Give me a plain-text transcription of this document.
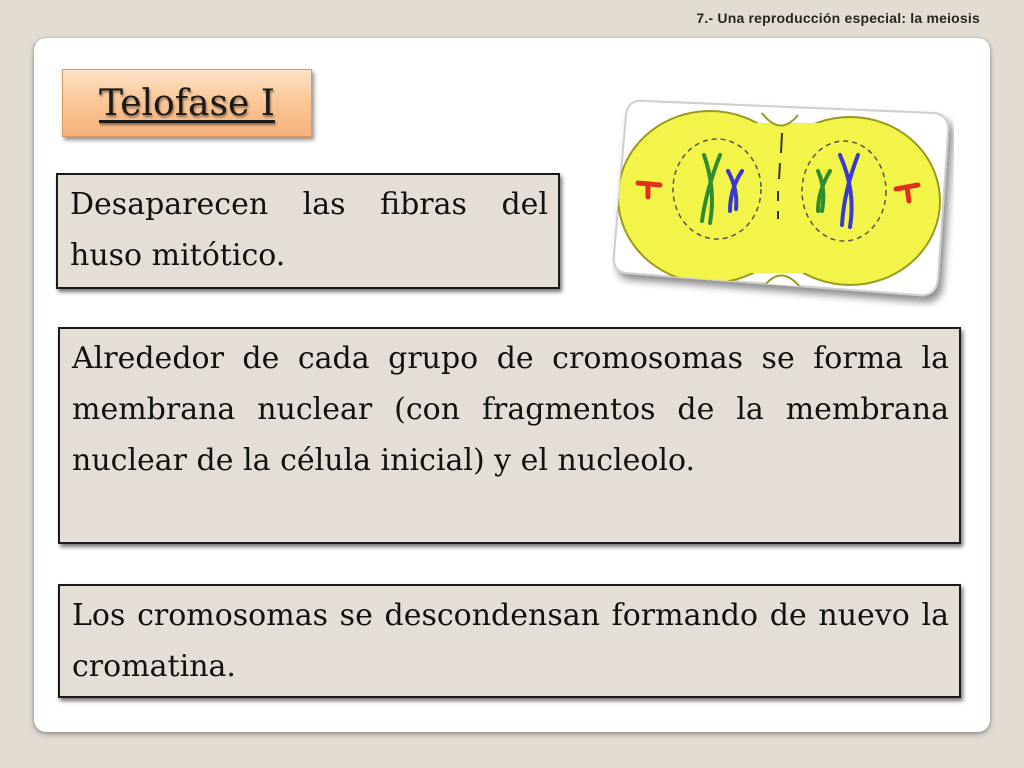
7.- Una reproducción especial: la meiosis
Telofase I
Desaparecen las fibras del huso mitótico.
Alrededor de cada grupo de cromosomas se forma la membrana nuclear (con fragmentos de la membrana nuclear de la célula inicial) y el nucleolo.
Los cromosomas se descondensan formando de nuevo la cromatina.
